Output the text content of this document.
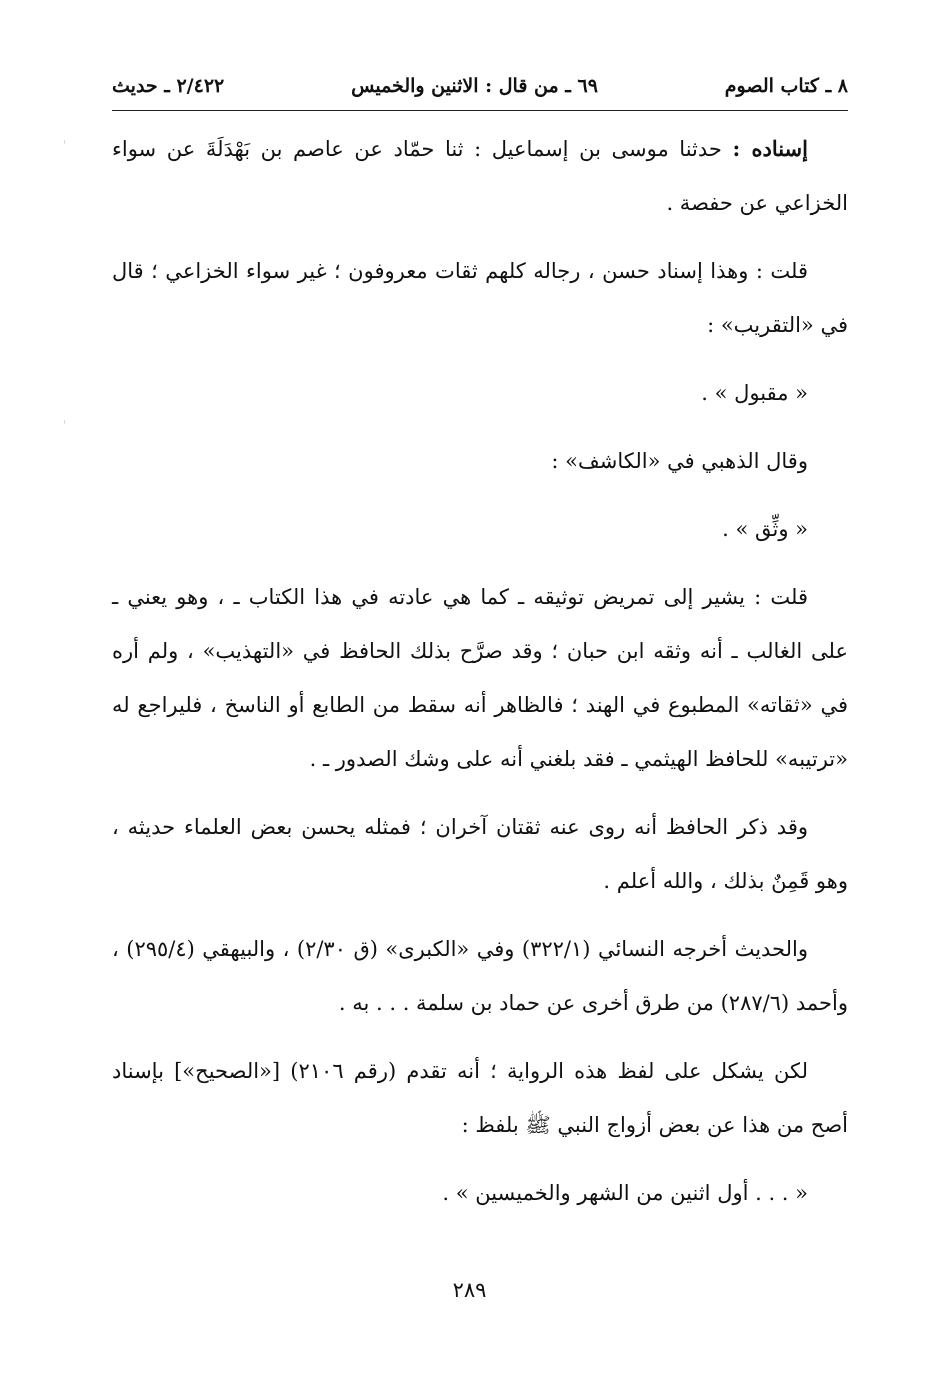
٨ ـ كتاب الصوم
٦٩ ـ من قال : الاثنين والخميس
٢/٤٢٢ ـ حديث

إسناده : حدثنا موسى بن إسماعيل : ثنا حمّاد عن عاصم بن بَهْدَلَةَ عن سواء الخزاعي عن حفصة .

قلت : وهذا إسناد حسن ، رجاله كلهم ثقات معروفون ؛ غير سواء الخزاعي ؛ قال في «التقريب» :

« مقبول » .

وقال الذهبي في «الكاشف» :

« وثِّق » .

قلت : يشير إلى تمريض توثيقه ـ كما هي عادته في هذا الكتاب ـ ، وهو يعني ـ على الغالب ـ أنه وثقه ابن حبان ؛ وقد صرَّح بذلك الحافظ في «التهذيب» ، ولم أره في «ثقاته» المطبوع في الهند ؛ فالظاهر أنه سقط من الطابع أو الناسخ ، فليراجع له «ترتيبه» للحافظ الهيثمي ـ فقد بلغني أنه على وشك الصدور ـ .

وقد ذكر الحافظ أنه روى عنه ثقتان آخران ؛ فمثله يحسن بعض العلماء حديثه ، وهو قَمِنٌ بذلك ، والله أعلم .

والحديث أخرجه النسائي (٣٢٢/١) وفي «الكبرى» (ق ٢/٣٠) ، والبيهقي (٢٩٥/٤) ، وأحمد (٢٨٧/٦) من طرق أخرى عن حماد بن سلمة . . . به .

لكن يشكل على لفظ هذه الرواية ؛ أنه تقدم (رقم ٢١٠٦) [«الصحيح»] بإسناد أصح من هذا عن بعض أزواج النبي ﷺ بلفظ :

« . . . أول اثنين من الشهر والخميسين » .

٢٨٩
